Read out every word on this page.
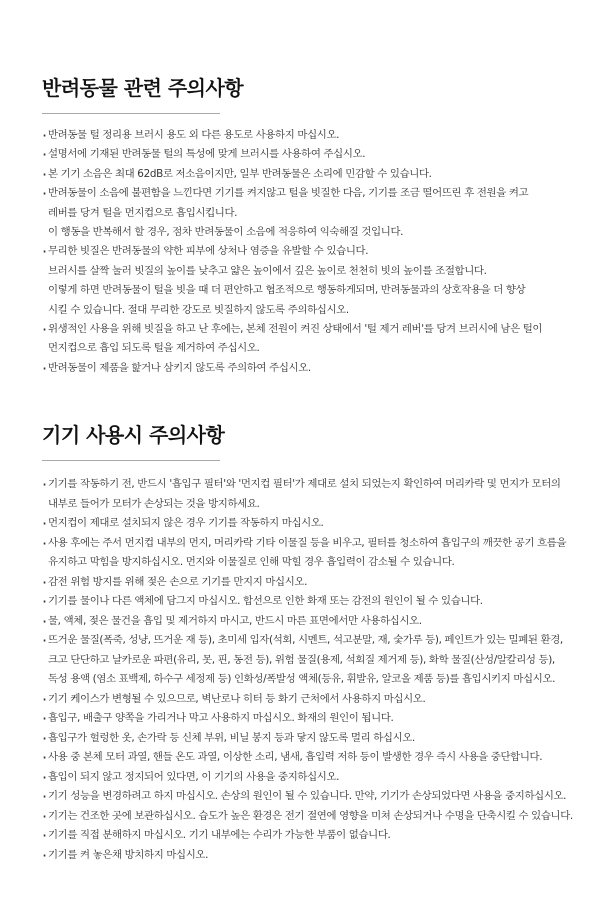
반려동물 관련 주의사항
· 반려동물 털 정리용 브러시 용도 외 다른 용도로 사용하지 마십시오.
· 설명서에 기재된 반려동물 털의 특성에 맞게 브러시를 사용하여 주십시오.
· 본 기기 소음은 최대 62dB로 저소음이지만, 일부 반려동물은 소리에 민감할 수 있습니다.
· 반려동물이 소음에 불편함을 느낀다면 기기를 켜지않고 털을 빗질한 다음, 기기를 조금 떨어뜨린 후 전원을 켜고
레버를 당겨 털을 먼지컵으로 흡입시킵니다.
이 행동을 반복해서 할 경우, 점차 반려동물이 소음에 적응하여 익숙해질 것입니다.
· 무리한 빗질은 반려동물의 약한 피부에 상처나 염증을 유발할 수 있습니다.
브러시를 살짝 눌러 빗질의 높이를 낮추고 얇은 높이에서 깊은 높이로 천천히 빗의 높이를 조절합니다.
이렇게 하면 반려동물이 털을 빗을 때 더 편안하고 협조적으로 행동하게되며, 반려동물과의 상호작용을 더 향상
시킬 수 있습니다. 절대 무리한 강도로 빗질하지 않도록 주의하십시오.
· 위생적인 사용을 위해 빗질을 하고 난 후에는, 본체 전원이 켜진 상태에서 '털 제거 레버'를 당겨 브러시에 남은 털이
먼지컵으로 흡입 되도록 털을 제거하여 주십시오.
· 반려동물이 제품을 핥거나 삼키지 않도록 주의하여 주십시오.
기기 사용시 주의사항
· 기기를 작동하기 전, 반드시 '흡입구 필터'와 '먼지컵 필터'가 제대로 설치 되었는지 확인하여 머리카락 및 먼지가 모터의
내부로 들어가 모터가 손상되는 것을 방지하세요.
· 먼지컵이 제대로 설치되지 않은 경우 기기를 작동하지 마십시오.
· 사용 후에는 주서 먼지컵 내부의 먼지, 머리카락 기타 이물질 등을 비우고, 필터를 청소하여 흡입구의 깨끗한 공기 흐름을
유지하고 막힘을 방지하십시오. 먼지와 이물질로 인해 막힐 경우 흡입력이 감소될 수 있습니다.
· 감전 위험 방지를 위해 젖은 손으로 기기를 만지지 마십시오.
· 기기를 물이나 다른 액체에 담그지 마십시오. 합선으로 인한 화재 또는 감전의 원인이 될 수 있습니다.
· 물, 액체, 젖은 물건을 흡입 및 제거하지 마시고, 반드시 마른 표면에서만 사용하십시오.
· 뜨거운 물질(폭죽, 성냥, 뜨거운 재 등), 초미세 입자(석회, 시멘트, 석고분말, 재, 숯가루 등), 페인트가 있는 밀폐된 환경,
크고 단단하고 날카로운 파편(유리, 못, 핀, 동전 등), 위험 물질(용제, 석회질 제거제 등), 화학 물질(산성/알칼리성 등),
독성 용액 (염소 표백제, 하수구 세정제 등) 인화성/폭발성 액체(등유, 휘발유, 알코올 제품 등)를 흡입시키지 마십시오.
· 기기 케이스가 변형될 수 있으므로, 벽난로나 히터 등 화기 근처에서 사용하지 마십시오.
· 흡입구, 배출구 양쪽을 가리거나 막고 사용하지 마십시오. 화재의 원인이 됩니다.
· 흡입구가 헐렁한 옷, 손가락 등 신체 부위, 비닐 봉지 등과 닿지 않도록 멀리 하십시오.
· 사용 중 본체 모터 과열, 핸들 온도 과열, 이상한 소리, 냄새, 흡입력 저하 등이 발생한 경우 즉시 사용을 중단합니다.
· 흡입이 되지 않고 정지되어 있다면, 이 기기의 사용을 중지하십시오.
· 기기 성능을 변경하려고 하지 마십시오. 손상의 원인이 될 수 있습니다. 만약, 기기가 손상되었다면 사용을 중지하십시오.
· 기기는 건조한 곳에 보관하십시오. 습도가 높은 환경은 전기 절연에 영향을 미쳐 손상되거나 수명을 단축시킬 수 있습니다.
· 기기를 직접 분해하지 마십시오. 기기 내부에는 수리가 가능한 부품이 없습니다.
· 기기를 켜 놓은채 방치하지 마십시오.
